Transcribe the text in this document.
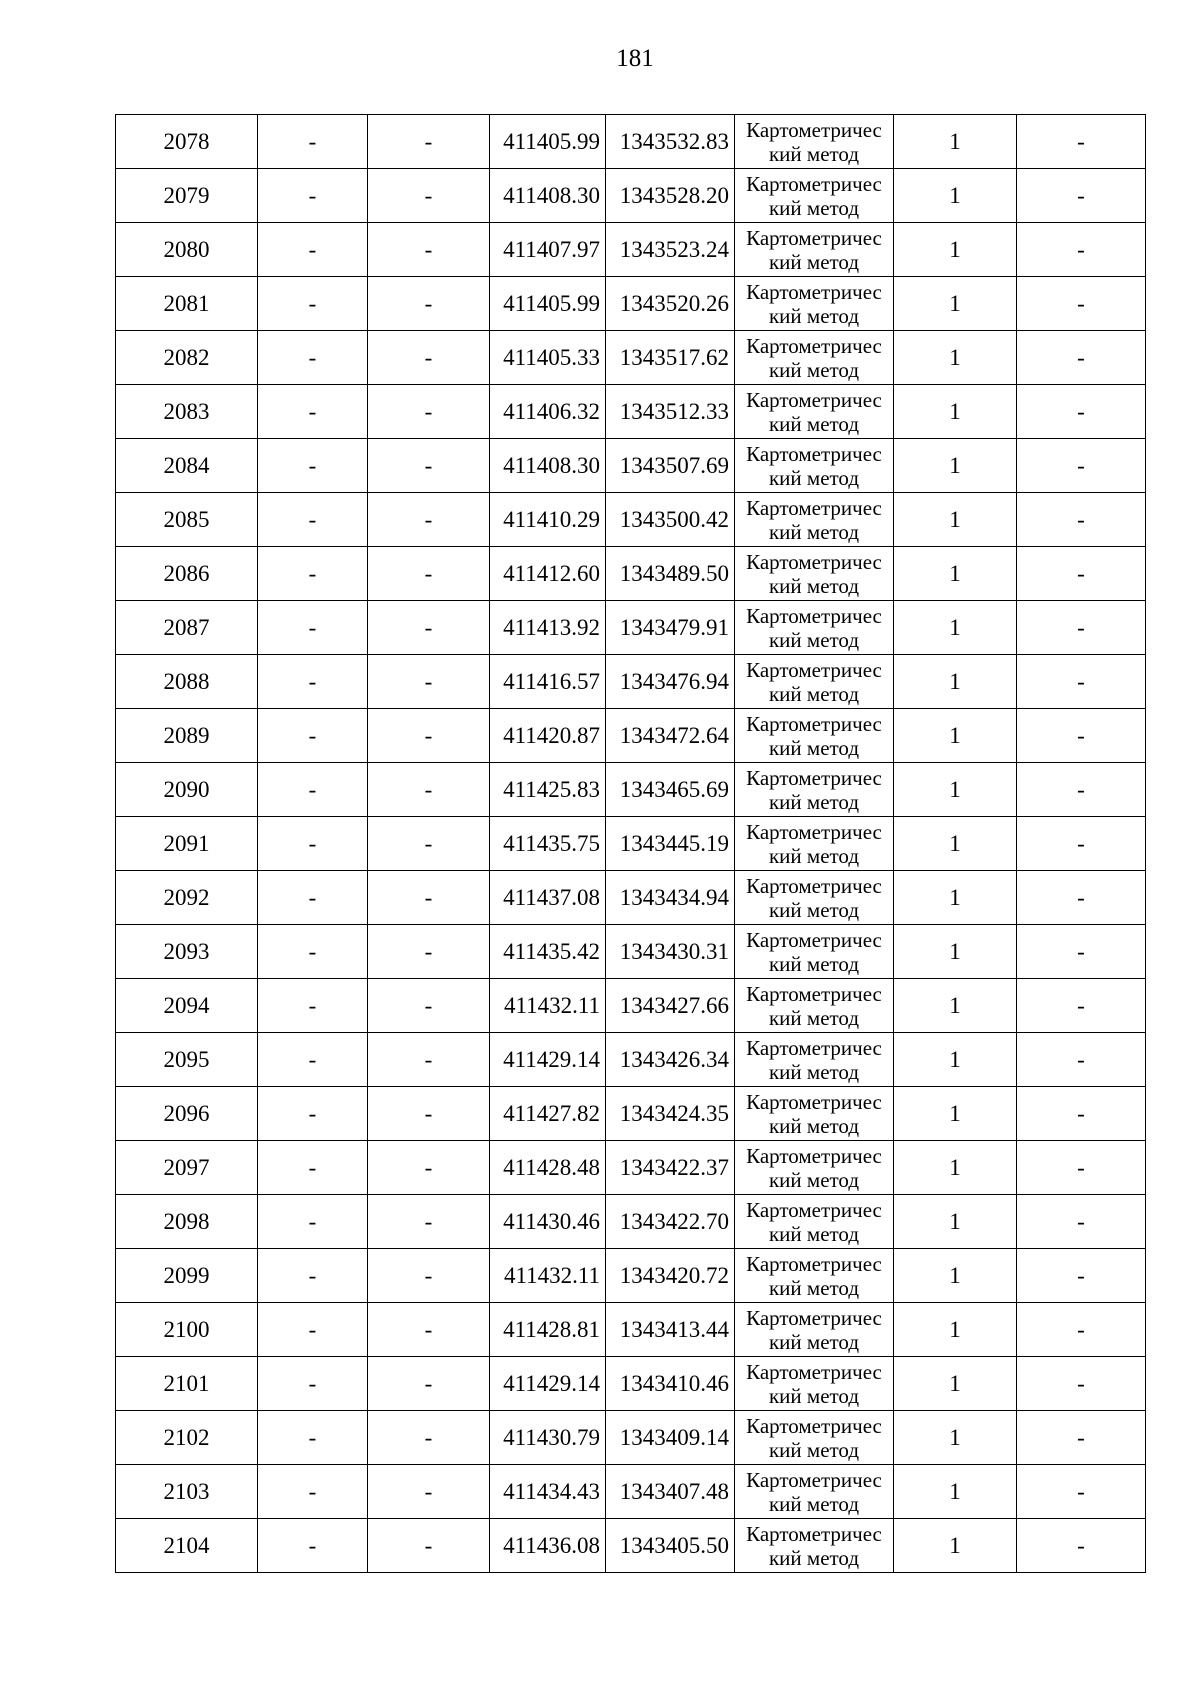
181
2078	-	-	411405.99	1343532.83	Картометричес
кий метод	1	-
2079	-	-	411408.30	1343528.20	Картометричес
кий метод	1	-
2080	-	-	411407.97	1343523.24	Картометричес
кий метод	1	-
2081	-	-	411405.99	1343520.26	Картометричес
кий метод	1	-
2082	-	-	411405.33	1343517.62	Картометричес
кий метод	1	-
2083	-	-	411406.32	1343512.33	Картометричес
кий метод	1	-
2084	-	-	411408.30	1343507.69	Картометричес
кий метод	1	-
2085	-	-	411410.29	1343500.42	Картометричес
кий метод	1	-
2086	-	-	411412.60	1343489.50	Картометричес
кий метод	1	-
2087	-	-	411413.92	1343479.91	Картометричес
кий метод	1	-
2088	-	-	411416.57	1343476.94	Картометричес
кий метод	1	-
2089	-	-	411420.87	1343472.64	Картометричес
кий метод	1	-
2090	-	-	411425.83	1343465.69	Картометричес
кий метод	1	-
2091	-	-	411435.75	1343445.19	Картометричес
кий метод	1	-
2092	-	-	411437.08	1343434.94	Картометричес
кий метод	1	-
2093	-	-	411435.42	1343430.31	Картометричес
кий метод	1	-
2094	-	-	411432.11	1343427.66	Картометричес
кий метод	1	-
2095	-	-	411429.14	1343426.34	Картометричес
кий метод	1	-
2096	-	-	411427.82	1343424.35	Картометричес
кий метод	1	-
2097	-	-	411428.48	1343422.37	Картометричес
кий метод	1	-
2098	-	-	411430.46	1343422.70	Картометричес
кий метод	1	-
2099	-	-	411432.11	1343420.72	Картометричес
кий метод	1	-
2100	-	-	411428.81	1343413.44	Картометричес
кий метод	1	-
2101	-	-	411429.14	1343410.46	Картометричес
кий метод	1	-
2102	-	-	411430.79	1343409.14	Картометричес
кий метод	1	-
2103	-	-	411434.43	1343407.48	Картометричес
кий метод	1	-
2104	-	-	411436.08	1343405.50	Картометричес
кий метод	1	-
